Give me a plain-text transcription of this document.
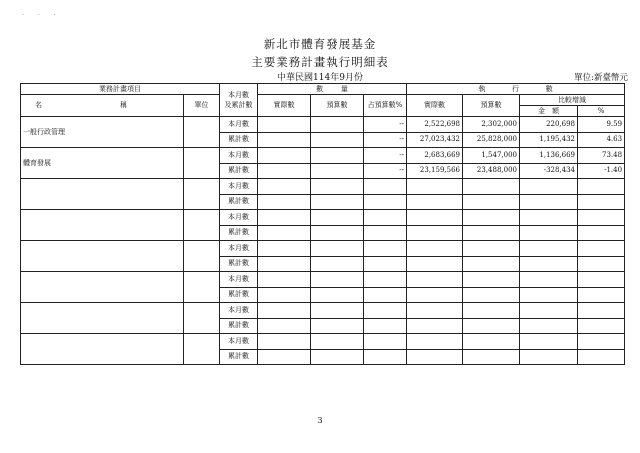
· · ·
新北市體育發展基金
主要業務計畫執行明細表
中華民國114年9月份	單位:新臺幣元
業務計畫項目		本月數
及累計數	數 量			執 行 數			
名 稱	單位		實際數	預算數	占預算數%	實際數	預算數	比較增減	
								金　額	%
一般行政管理		本月數			--	2,522,698	2,302,000	220,698	9.59
		累計數			--	27,023,432	25,828,000	1,195,432	4.63
體育發展		本月數			--	2,683,669	1,547,000	1,136,669	73.48
		累計數			--	23,159,566	23,488,000	-328,434	-1.40
		本月數							
		累計數							
		本月數							
		累計數							
		本月數							
		累計數							
		本月數							
		累計數							
		本月數							
		累計數							
		本月數							
		累計數							
3
